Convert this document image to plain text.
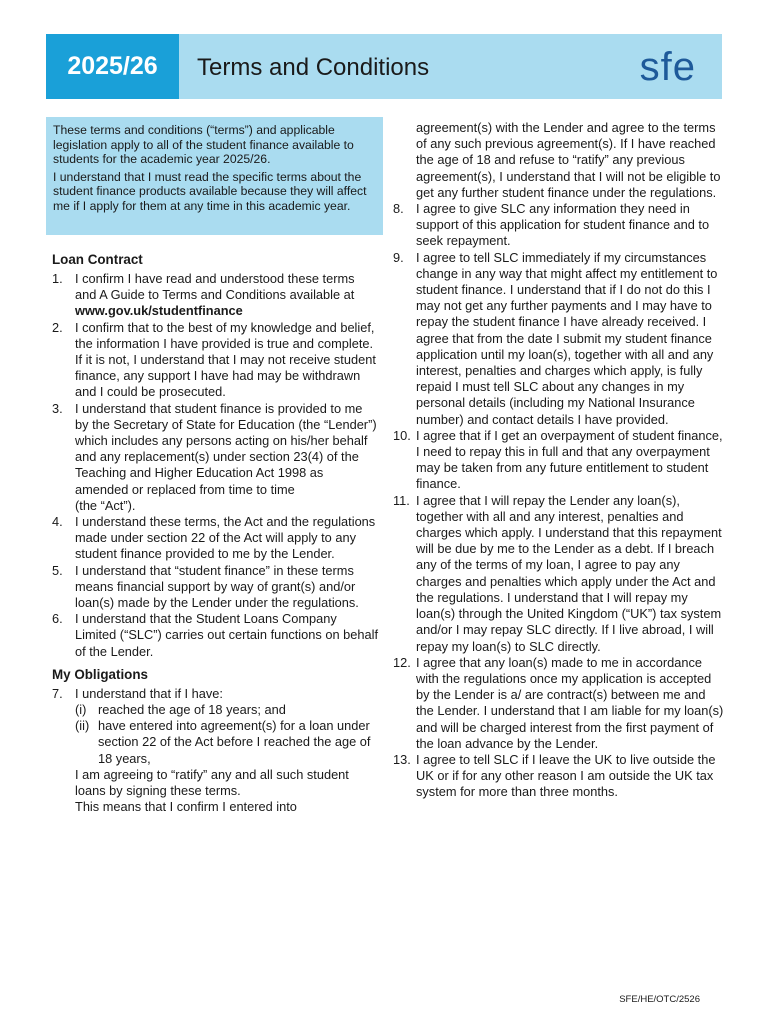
2025/26	Terms and Conditions	sfe

These terms and conditions (“terms”) and applicable legislation apply to all of the student finance available to students for the academic year 2025/26.

I understand that I must read the specific terms about the student finance products available because they will affect me if I apply for them at any time in this academic year.

Loan Contract
1. I confirm I have read and understood these terms and A Guide to Terms and Conditions available at www.gov.uk/studentfinance
2. I confirm that to the best of my knowledge and belief, the information I have provided is true and complete. If it is not, I understand that I may not receive student finance, any support I have had may be withdrawn and I could be prosecuted.
3. I understand that student finance is provided to me by the Secretary of State for Education (the “Lender”) which includes any persons acting on his/her behalf and any replacement(s) under section 23(4) of the Teaching and Higher Education Act 1998 as amended or replaced from time to time
(the “Act”).
4. I understand these terms, the Act and the regulations made under section 22 of the Act will apply to any student finance provided to me by the Lender.
5. I understand that “student finance” in these terms means financial support by way of grant(s) and/or loan(s) made by the Lender under the regulations.
6. I understand that the Student Loans Company Limited (“SLC”) carries out certain functions on behalf of the Lender.
My Obligations
7. I understand that if I have:
(i) reached the age of 18 years; and
(ii) have entered into agreement(s) for a loan under section 22 of the Act before I reached the age of 18 years,
I am agreeing to “ratify” any and all such student loans by signing these terms.
This means that I confirm I entered into
agreement(s) with the Lender and agree to the terms of any such previous agreement(s). If I have reached the age of 18 and refuse to “ratify” any previous agreement(s), I understand that I will not be eligible to get any further student finance under the regulations.
8. I agree to give SLC any information they need in support of this application for student finance and to seek repayment.
9. I agree to tell SLC immediately if my circumstances change in any way that might affect my entitlement to student finance. I understand that if I do not do this I may not get any further payments and I may have to repay the student finance I have already received. I agree that from the date I submit my student finance application until my loan(s), together with all and any interest, penalties and charges which apply, is fully repaid I must tell SLC about any changes in my personal details (including my National Insurance number) and contact details I have provided.
10. I agree that if I get an overpayment of student finance, I need to repay this in full and that any overpayment may be taken from any future entitlement to student finance.
11. I agree that I will repay the Lender any loan(s), together with all and any interest, penalties and charges which apply. I understand that this repayment will be due by me to the Lender as a debt. If I breach any of the terms of my loan, I agree to pay any charges and penalties which apply under the Act and the regulations. I understand that I will repay my loan(s) through the United Kingdom (“UK”) tax system and/or I may repay SLC directly. If I live abroad, I will repay my loan(s) to SLC directly.
12. I agree that any loan(s) made to me in accordance with the regulations once my application is accepted by the Lender is a/ are contract(s) between me and the Lender. I understand that I am liable for my loan(s) and will be charged interest from the first payment of the loan advance by the Lender.
13. I agree to tell SLC if I leave the UK to live outside the UK or if for any other reason I am outside the UK tax system for more than three months.
SFE/HE/OTC/2526
